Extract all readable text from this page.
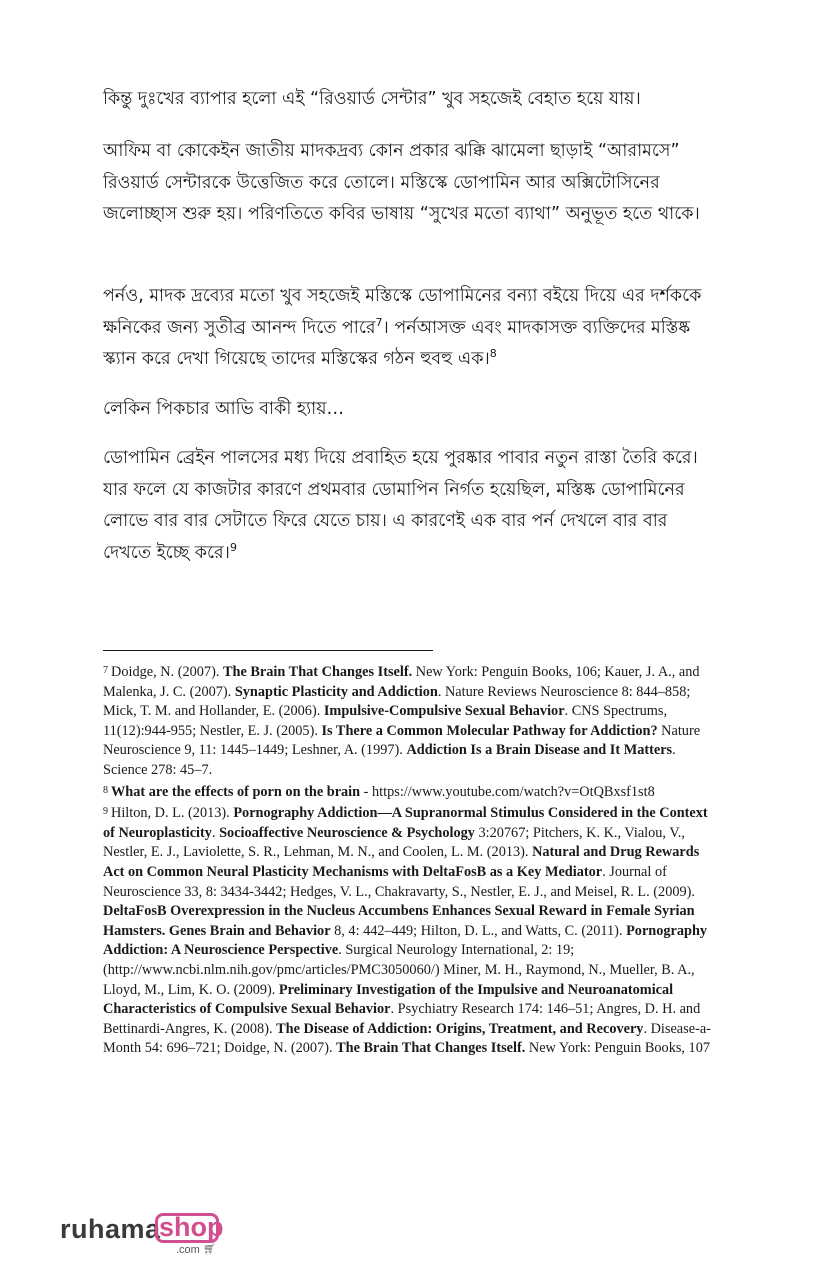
কিন্তু দুঃখের ব্যাপার হলো এই “রিওয়ার্ড সেন্টার” খুব সহজেই বেহাত হয়ে যায়।

আফিম বা কোকেইন জাতীয় মাদকদ্রব্য কোন প্রকার ঝক্কি ঝামেলা ছাড়াই “আরামসে” রিওয়ার্ড সেন্টারকে উত্তেজিত করে তোলে। মস্তিস্কে ডোপামিন আর অক্সিটোসিনের জলোচ্ছাস শুরু হয়। পরিণতিতে কবির ভাষায় “সুখের মতো ব্যাথা” অনুভূত হতে থাকে।

পর্নও, মাদক দ্রব্যের মতো খুব সহজেই মস্তিস্কে ডোপামিনের বন্যা বইয়ে দিয়ে এর দর্শককে ক্ষনিকের জন্য সুতীব্র আনন্দ দিতে পারে$^7$। পর্নআসক্ত এবং মাদকাসক্ত ব্যক্তিদের মস্তিষ্ক স্ক্যান করে দেখা গিয়েছে তাদের মস্তিস্কের গঠন হুবহু এক।$^8$

লেকিন পিকচার আভি বাকী হ্যায়…

ডোপামিন ব্রেইন পালসের মধ্য দিয়ে প্রবাহিত হয়ে পুরষ্কার পাবার নতুন রাস্তা তৈরি করে। যার ফলে যে কাজটার কারণে প্রথমবার ডোমাপিন নির্গত হয়েছিল, মস্তিষ্ক ডোপামিনের লোভে বার বার সেটাতে ফিরে যেতে চায়। এ কারণেই এক বার পর্ন দেখলে বার বার দেখতে ইচ্ছে করে।$^9$

$^7$ Doidge, N. (2007). The Brain That Changes Itself. New York: Penguin Books, 106; Kauer, J. A., and Malenka, J. C. (2007). Synaptic Plasticity and Addiction. Nature Reviews Neuroscience 8: 844–858; Mick, T. M. and Hollander, E. (2006). Impulsive-Compulsive Sexual Behavior. CNS Spectrums, 11(12):944-955; Nestler, E. J. (2005). Is There a Common Molecular Pathway for Addiction? Nature Neuroscience 9, 11: 1445–1449; Leshner, A. (1997). Addiction Is a Brain Disease and It Matters. Science 278: 45–7.

$^8$ What are the effects of porn on the brain - https://www.youtube.com/watch?v=OtQBxsf1st8

$^9$ Hilton, D. L. (2013). Pornography Addiction—A Supranormal Stimulus Considered in the Context of Neuroplasticity. Socioaffective Neuroscience & Psychology 3:20767; Pitchers, K. K., Vialou, V., Nestler, E. J., Laviolette, S. R., Lehman, M. N., and Coolen, L. M. (2013). Natural and Drug Rewards Act on Common Neural Plasticity Mechanisms with DeltaFosB as a Key Mediator. Journal of Neuroscience 33, 8: 3434-3442; Hedges, V. L., Chakravarty, S., Nestler, E. J., and Meisel, R. L. (2009). DeltaFosB Overexpression in the Nucleus Accumbens Enhances Sexual Reward in Female Syrian Hamsters. Genes Brain and Behavior 8, 4: 442–449; Hilton, D. L., and Watts, C. (2011). Pornography Addiction: A Neuroscience Perspective. Surgical Neurology International, 2: 19; (http://www.ncbi.nlm.nih.gov/pmc/articles/PMC3050060/) Miner, M. H., Raymond, N., Mueller, B. A., Lloyd, M., Lim, K. O. (2009). Preliminary Investigation of the Impulsive and Neuroanatomical Characteristics of Compulsive Sexual Behavior. Psychiatry Research 174: 146–51; Angres, D. H. and Bettinardi-Angres, K. (2008). The Disease of Addiction: Origins, Treatment, and Recovery. Disease-a-Month 54: 696–721; Doidge, N. (2007). The Brain That Changes Itself. New York: Penguin Books, 107

ruhama
shop
.com 🛒︎
